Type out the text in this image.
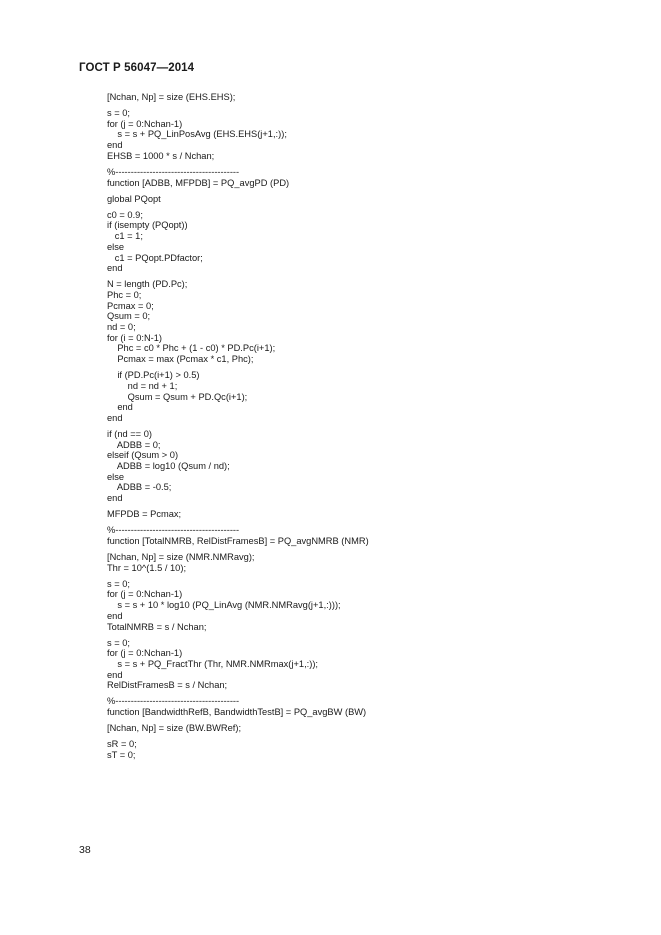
ГОСТ Р 56047—2014
[Nchan, Np] = size (EHS.EHS);
s = 0;
for (j = 0:Nchan-1)
s = s + PQ_LinPosAvg (EHS.EHS(j+1,:));
end
EHSB = 1000 * s / Nchan;
%----------------------------------------
function [ADBB, MFPDB] = PQ_avgPD (PD)
global PQopt
c0 = 0.9;
if (isempty (PQopt))
c1 = 1;
else
c1 = PQopt.PDfactor;
end
N = length (PD.Pc);
Phc = 0;
Pcmax = 0;
Qsum = 0;
nd = 0;
for (i = 0:N-1)
Phc = c0 * Phc + (1 - c0) * PD.Pc(i+1);
Pcmax = max (Pcmax * c1, Phc);
if (PD.Pc(i+1) > 0.5)
nd = nd + 1;
Qsum = Qsum + PD.Qc(i+1);
end
end
if (nd == 0)
ADBB = 0;
elseif (Qsum > 0)
ADBB = log10 (Qsum / nd);
else
ADBB = -0.5;
end
MFPDB = Pcmax;
%----------------------------------------
function [TotalNMRB, RelDistFramesB] = PQ_avgNMRB (NMR)
[Nchan, Np] = size (NMR.NMRavg);
Thr = 10^(1.5 / 10);
s = 0;
for (j = 0:Nchan-1)
s = s + 10 * log10 (PQ_LinAvg (NMR.NMRavg(j+1,:)));
end
TotalNMRB = s / Nchan;
s = 0;
for (j = 0:Nchan-1)
s = s + PQ_FractThr (Thr, NMR.NMRmax(j+1,:));
end
RelDistFramesB = s / Nchan;
%----------------------------------------
function [BandwidthRefB, BandwidthTestB] = PQ_avgBW (BW)
[Nchan, Np] = size (BW.BWRef);
sR = 0;
sT = 0;
38
